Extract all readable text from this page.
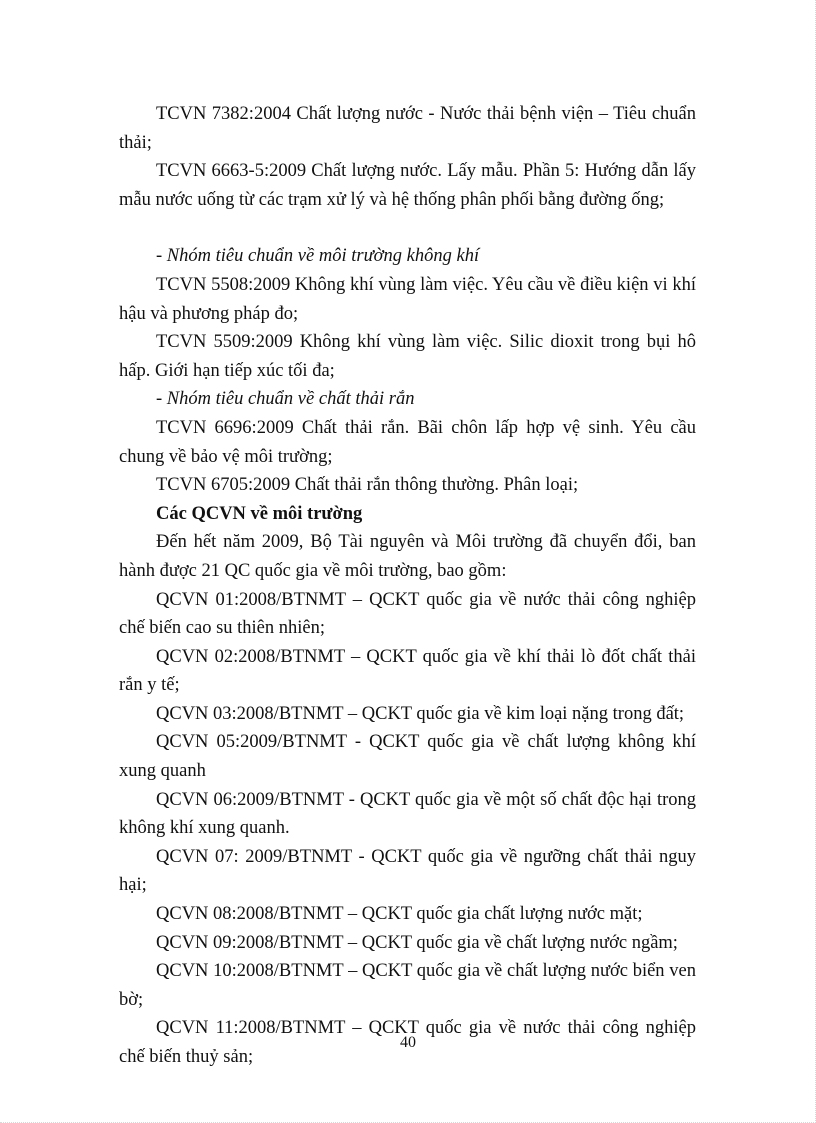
TCVN 7382:2004 Chất lượng nước - Nước thải bệnh viện – Tiêu chuẩn thải;

TCVN 6663-5:2009 Chất lượng nước. Lấy mẫu. Phần 5: Hướng dẫn lấy mẫu nước uống từ các trạm xử lý và hệ thống phân phối bằng đường ống;

- Nhóm tiêu chuẩn về môi trường không khí

TCVN 5508:2009 Không khí vùng làm việc. Yêu cầu về điều kiện vi khí hậu và phương pháp đo;

TCVN 5509:2009 Không khí vùng làm việc. Silic dioxit trong bụi hô hấp. Giới hạn tiếp xúc tối đa;

- Nhóm tiêu chuẩn về chất thải rắn

TCVN 6696:2009 Chất thải rắn. Bãi chôn lấp hợp vệ sinh. Yêu cầu chung về bảo vệ môi trường;

TCVN 6705:2009 Chất thải rắn thông thường. Phân loại;

Các QCVN về môi trường

Đến hết năm 2009, Bộ Tài nguyên và Môi trường đã chuyển đổi, ban hành được 21 QC quốc gia về môi trường, bao gồm:

QCVN 01:2008/BTNMT – QCKT quốc gia về nước thải công nghiệp chế biến cao su thiên nhiên;

QCVN 02:2008/BTNMT – QCKT quốc gia về khí thải lò đốt chất thải rắn y tế;

QCVN 03:2008/BTNMT – QCKT quốc gia về kim loại nặng trong đất;

QCVN 05:2009/BTNMT - QCKT quốc gia về chất lượng không khí xung quanh

QCVN 06:2009/BTNMT - QCKT quốc gia về một số chất độc hại trong không khí xung quanh.

QCVN 07: 2009/BTNMT - QCKT quốc gia về ngưỡng chất thải nguy hại;

QCVN 08:2008/BTNMT – QCKT quốc gia chất lượng nước mặt;

QCVN 09:2008/BTNMT – QCKT quốc gia về chất lượng nước ngầm;

QCVN 10:2008/BTNMT – QCKT quốc gia về chất lượng nước biển ven bờ;

QCVN 11:2008/BTNMT – QCKT quốc gia về nước thải công nghiệp chế biến thuỷ sản;

40
